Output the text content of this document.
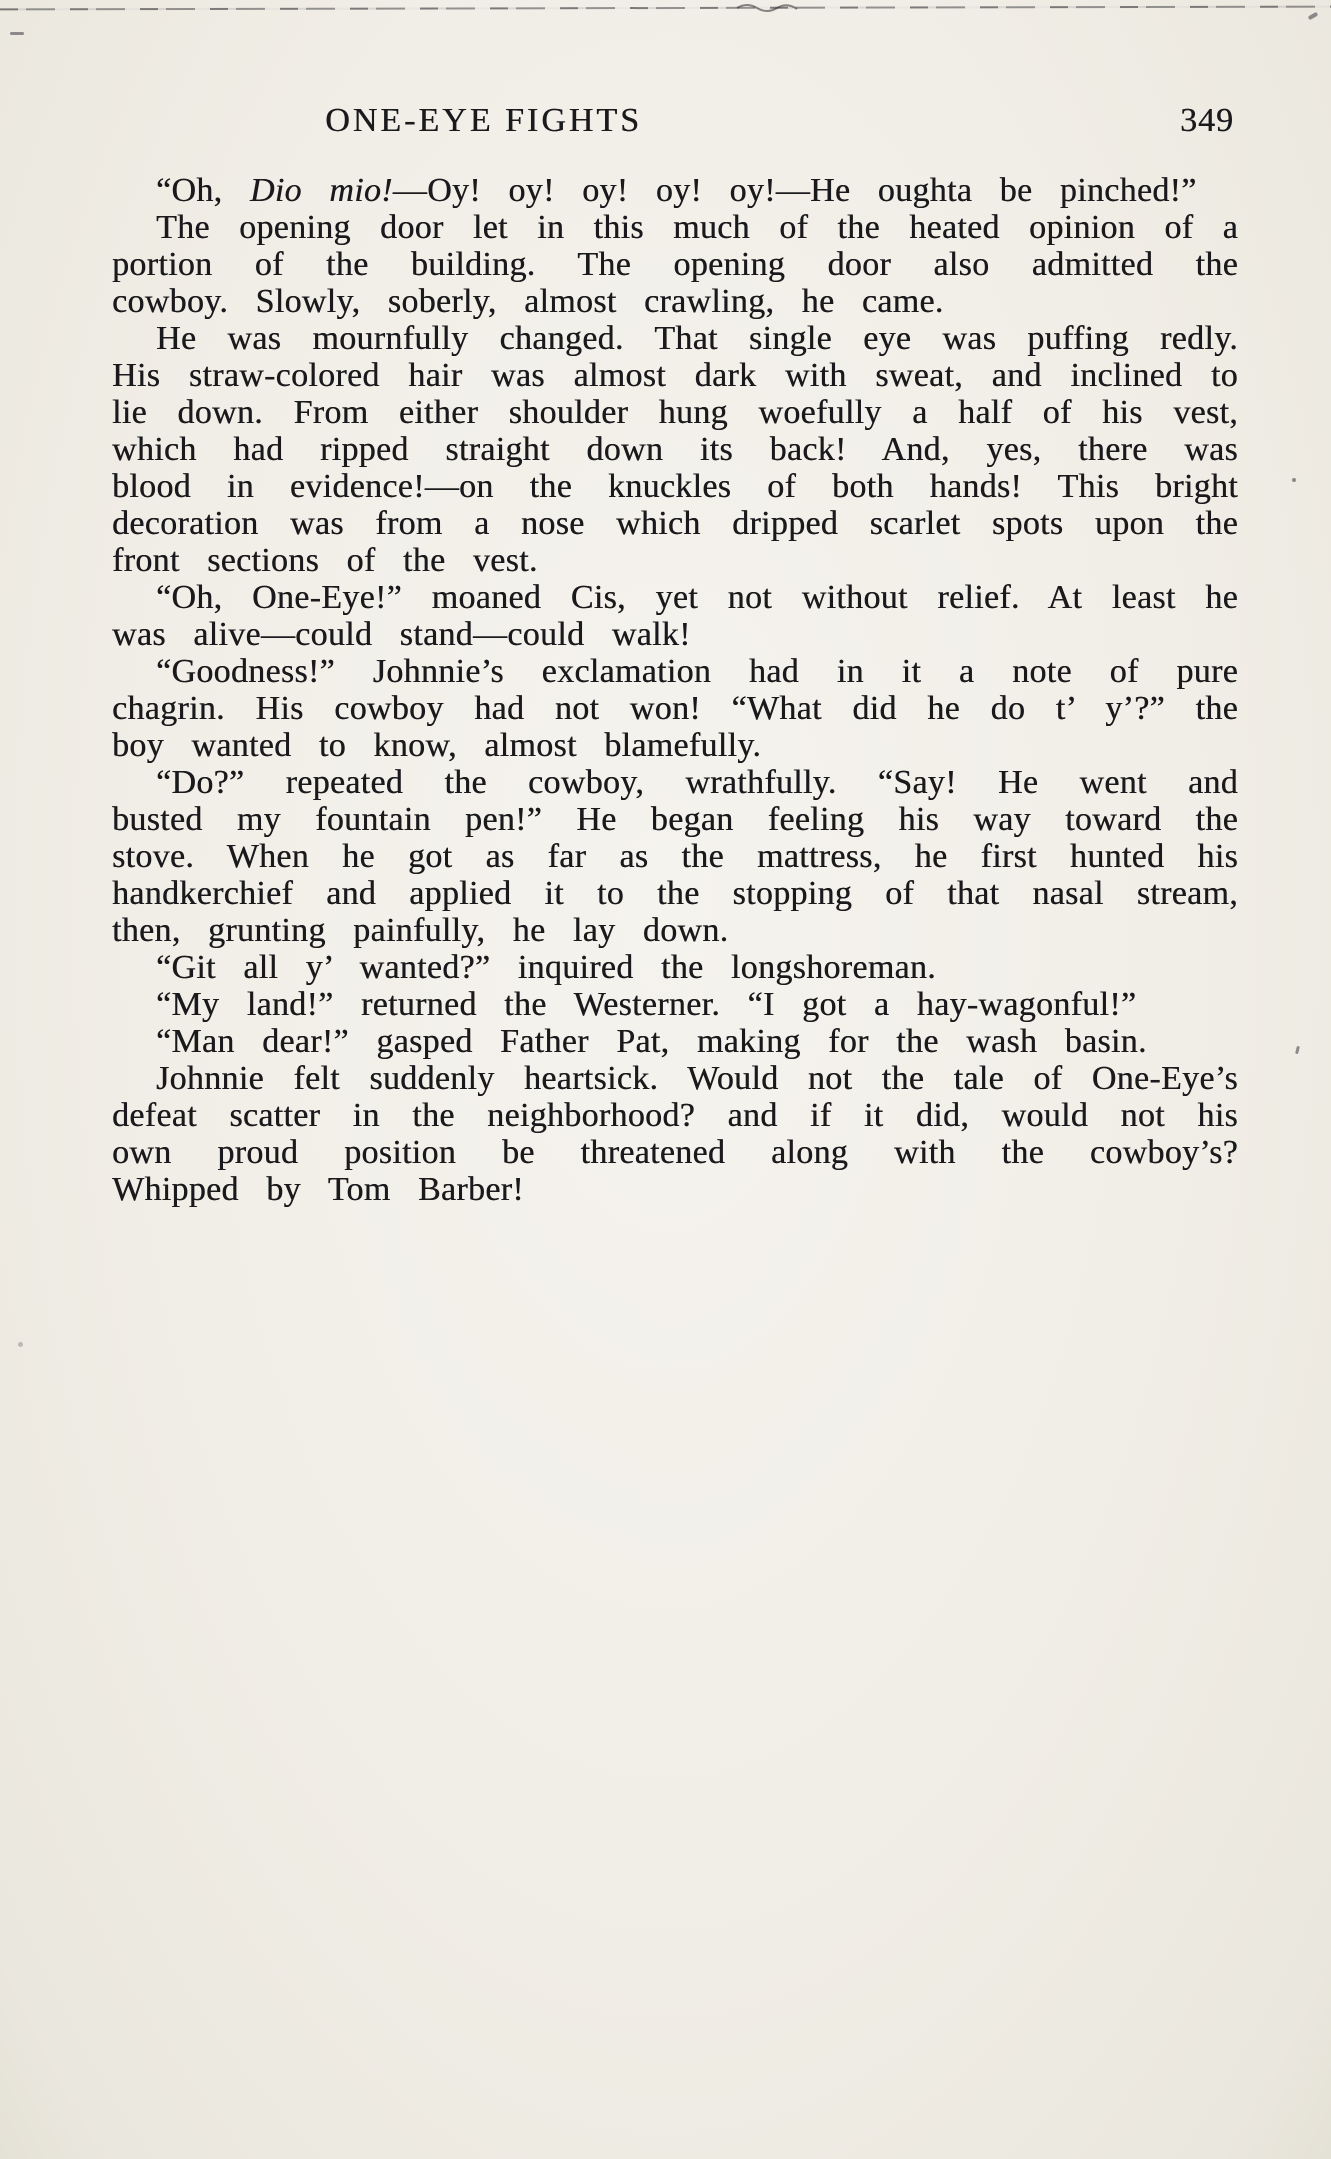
ONE-EYE FIGHTS	349

“Oh, Dio mio!—Oy! oy! oy! oy! oy!—He oughta be pinched!”

The opening door let in this much of the heated opinion of a portion of the building. The opening door also admitted the cowboy. Slowly, soberly, almost crawling, he came.

He was mournfully changed. That single eye was puffing redly. His straw-colored hair was almost dark with sweat, and inclined to lie down. From either shoulder hung woefully a half of his vest, which had ripped straight down its back! And, yes, there was blood in evidence!—on the knuckles of both hands! This bright decoration was from a nose which dripped scarlet spots upon the front sections of the vest.

“Oh, One-Eye!” moaned Cis, yet not without relief. At least he was alive—could stand—could walk!

“Goodness!” Johnnie’s exclamation had in it a note of pure chagrin. His cowboy had not won! “What did he do t’ y’?” the boy wanted to know, almost blamefully.

“Do?” repeated the cowboy, wrathfully. “Say! He went and busted my fountain pen!” He began feeling his way toward the stove. When he got as far as the mattress, he first hunted his handkerchief and applied it to the stopping of that nasal stream, then, grunting painfully, he lay down.

“Git all y’ wanted?” inquired the longshoreman.

“My land!” returned the Westerner. “I got a hay-wagonful!”

“Man dear!” gasped Father Pat, making for the wash basin.

Johnnie felt suddenly heartsick. Would not the tale of One-Eye’s defeat scatter in the neighborhood? and if it did, would not his own proud position be threatened along with the cowboy’s? Whipped by Tom Barber!
